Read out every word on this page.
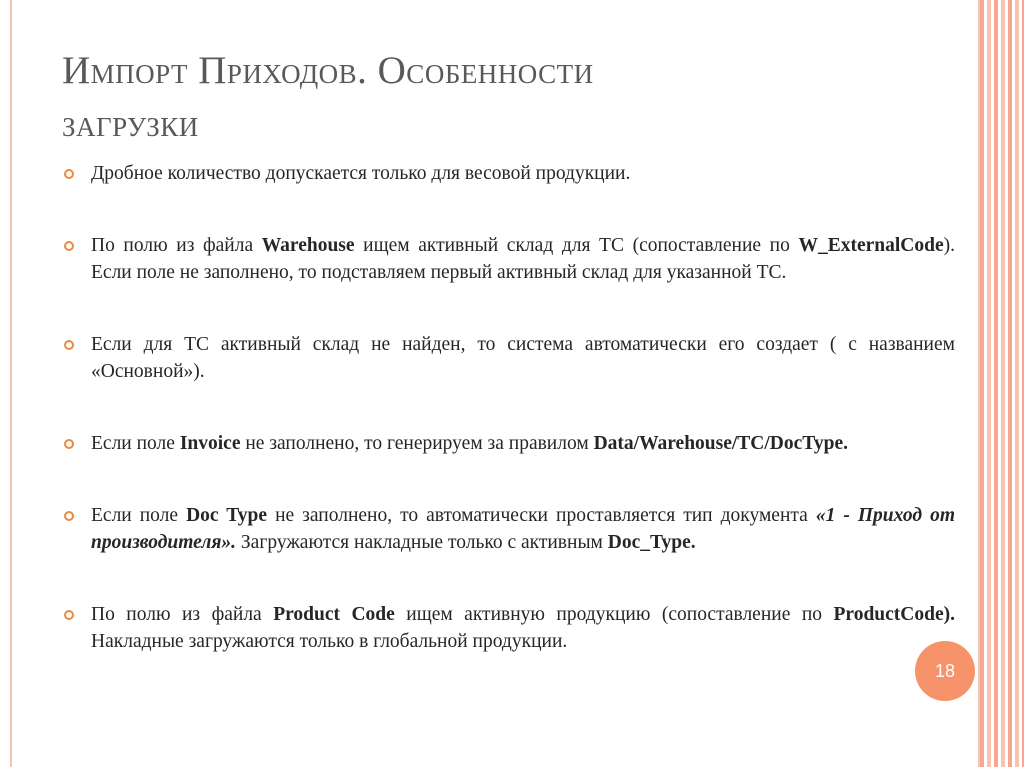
Импорт Приходов. Особенности
загрузки
Дробное количество допускается только для весовой продукции.
По полю из файла Warehouse ищем активный склад для ТС (сопоставление по W_ExternalCode). Если поле не заполнено, то подставляем первый активный склад для указанной ТС.
Если для ТС активный склад не найден, то система автоматически его создает ( с названием «Основной»).
Если поле Invoice не заполнено, то генерируем за правилом Data/Warehouse/TC/DocType.
Если поле Doc Type не заполнено, то автоматически проставляется тип документа «1 - Приход от производителя». Загружаются накладные только с активным Doc_Type.
По полю из файла Product Code ищем активную продукцию (сопоставление по ProductCode). Накладные загружаются только в глобальной продукции.
18
